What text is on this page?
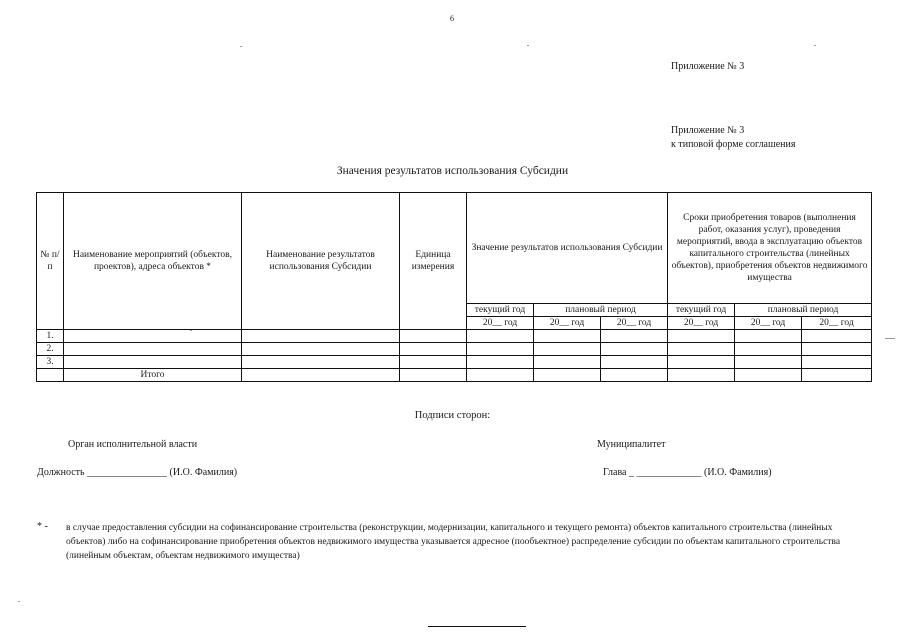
6
Приложение № 3
Приложение № 3
к типовой форме соглашения
Значения результатов использования Субсидии
№ п/п	Наименование мероприятий (объектов, проектов), адреса объектов *	Наименование результатов использования Субсидии	Единица измерения	Значение результатов использования Субсидии			Сроки приобретения товаров (выполнения работ, оказания услуг), проведения мероприятий, ввода в эксплуатацию объектов капитального строительства (линейных объектов), приобретения объектов недвижимого имущества		
				текущий год	плановый период		текущий год	плановый период	
				20__ год	20__ год	20__ год	20__ год	20__ год	20__ год
1.									
2.									
3.									
	Итого								
Подписи сторон:
Орган исполнительной власти	Муниципалитет
Должность ________________ (И.О. Фамилия)	Глава _ _____________ (И.О. Фамилия)
* - в случае предоставления субсидии на софинансирование строительства (реконструкции, модернизации, капитального и текущего ремонта) объектов капитального строительства (линейных объектов) либо на софинансирование приобретения объектов недвижимого имущества указывается адресное (пообъектное) распределение субсидии по объектам капитального строительства (линейным объектам, объектам недвижимого имущества)
